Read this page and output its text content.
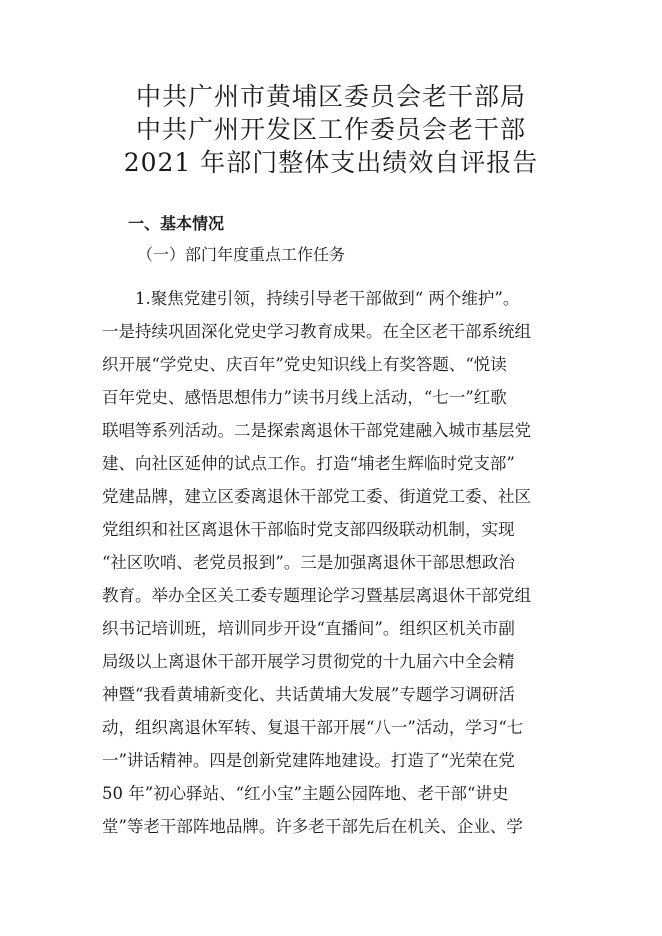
中共广州市黄埔区委员会老干部局
中共广州开发区工作委员会老干部
2021 年部门整体支出绩效自评报告
一、基本情况
（一）部门年度重点工作任务
　　1.聚焦党建引领，持续引导老干部做到“ 两个维护”。
一是持续巩固深化党史学习教育成果。在全区老干部系统组
织开展“学党史、庆百年”党史知识线上有奖答题、“悦读
百年党史、感悟思想伟力”读书月线上活动，“七一”红歌
联唱等系列活动。二是探索离退休干部党建融入城市基层党
建、向社区延伸的试点工作。打造“埔老生辉临时党支部”
党建品牌，建立区委离退休干部党工委、街道党工委、社区
党组织和社区离退休干部临时党支部四级联动机制，实现
“社区吹哨、老党员报到”。三是加强离退休干部思想政治
教育。举办全区关工委专题理论学习暨基层离退休干部党组
织书记培训班，培训同步开设“直播间”。组织区机关市副
局级以上离退休干部开展学习贯彻党的十九届六中全会精
神暨“我看黄埔新变化、共话黄埔大发展”专题学习调研活
动，组织离退休军转、复退干部开展“八一”活动，学习“七
一”讲话精神。四是创新党建阵地建设。打造了“光荣在党
50 年”初心驿站、“红小宝”主题公园阵地、老干部“讲史
堂”等老干部阵地品牌。许多老干部先后在机关、企业、学
